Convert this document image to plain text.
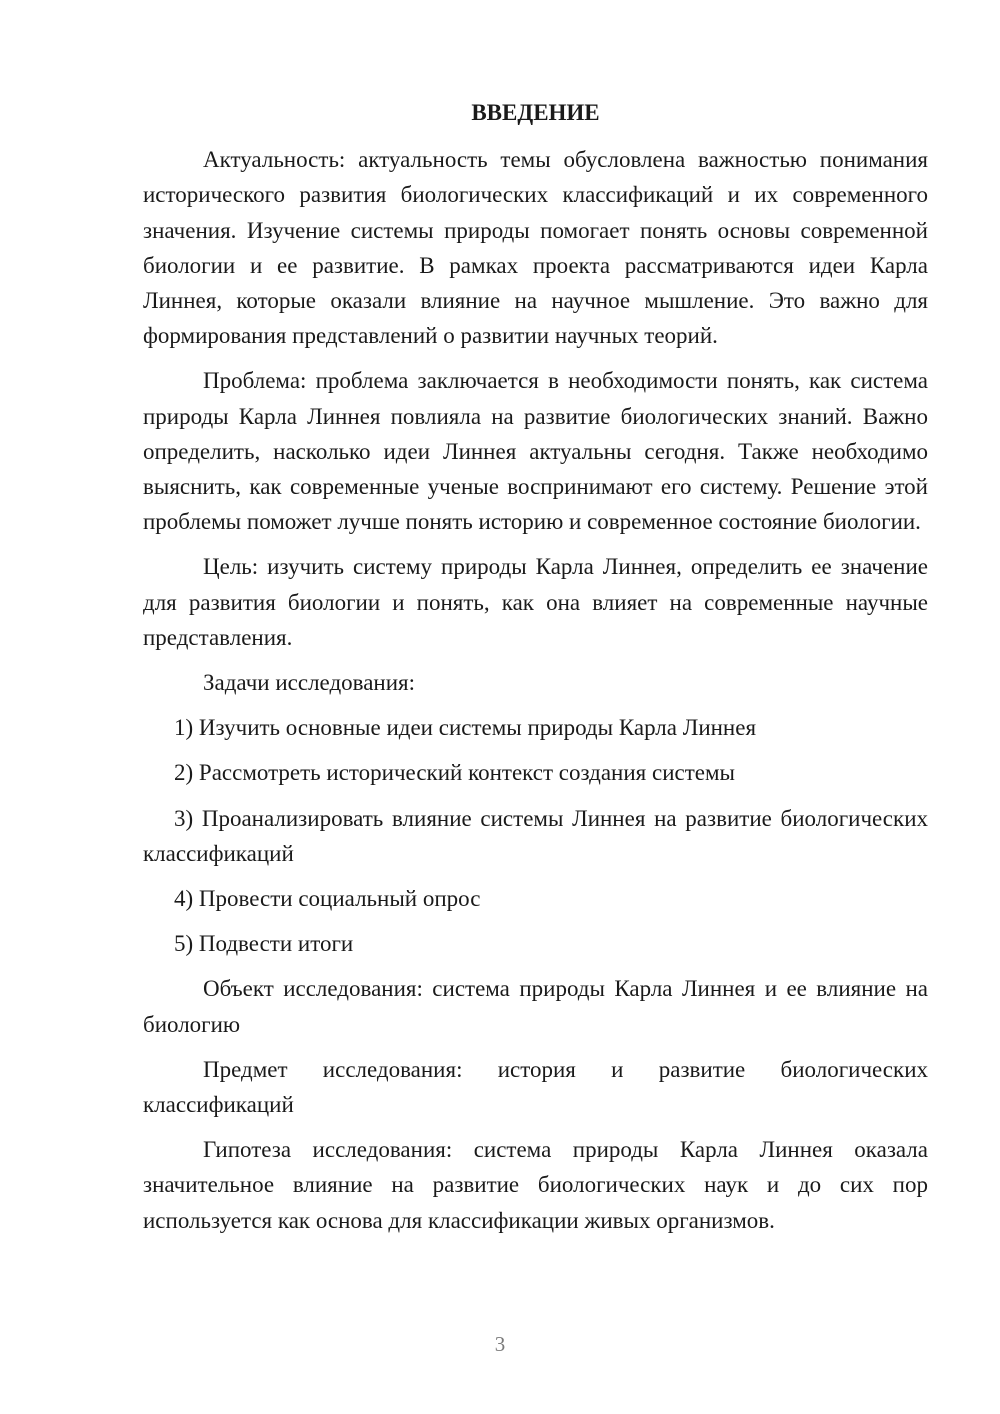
ВВЕДЕНИЕ

Актуальность: актуальность темы обусловлена важностью понимания исторического развития биологических классификаций и их современного значения. Изучение системы природы помогает понять основы современной биологии и ее развитие. В рамках проекта рассматриваются идеи Карла Линнея, которые оказали влияние на научное мышление. Это важно для формирования представлений о развитии научных теорий.

Проблема: проблема заключается в необходимости понять, как система природы Карла Линнея повлияла на развитие биологических знаний. Важно определить, насколько идеи Линнея актуальны сегодня. Также необходимо выяснить, как современные ученые воспринимают его систему. Решение этой проблемы поможет лучше понять историю и современное состояние биологии.

Цель: изучить систему природы Карла Линнея, определить ее значение для развития биологии и понять, как она влияет на современные научные представления.

Задачи исследования:

1) Изучить основные идеи системы природы Карла Линнея

2) Рассмотреть исторический контекст создания системы

3) Проанализировать влияние системы Линнея на развитие биологических классификаций

4) Провести социальный опрос

5) Подвести итоги

Объект исследования: система природы Карла Линнея и ее влияние на биологию

Предмет исследования: история и развитие биологических классификаций

Гипотеза исследования: система природы Карла Линнея оказала значительное влияние на развитие биологических наук и до сих пор используется как основа для классификации живых организмов.

3
